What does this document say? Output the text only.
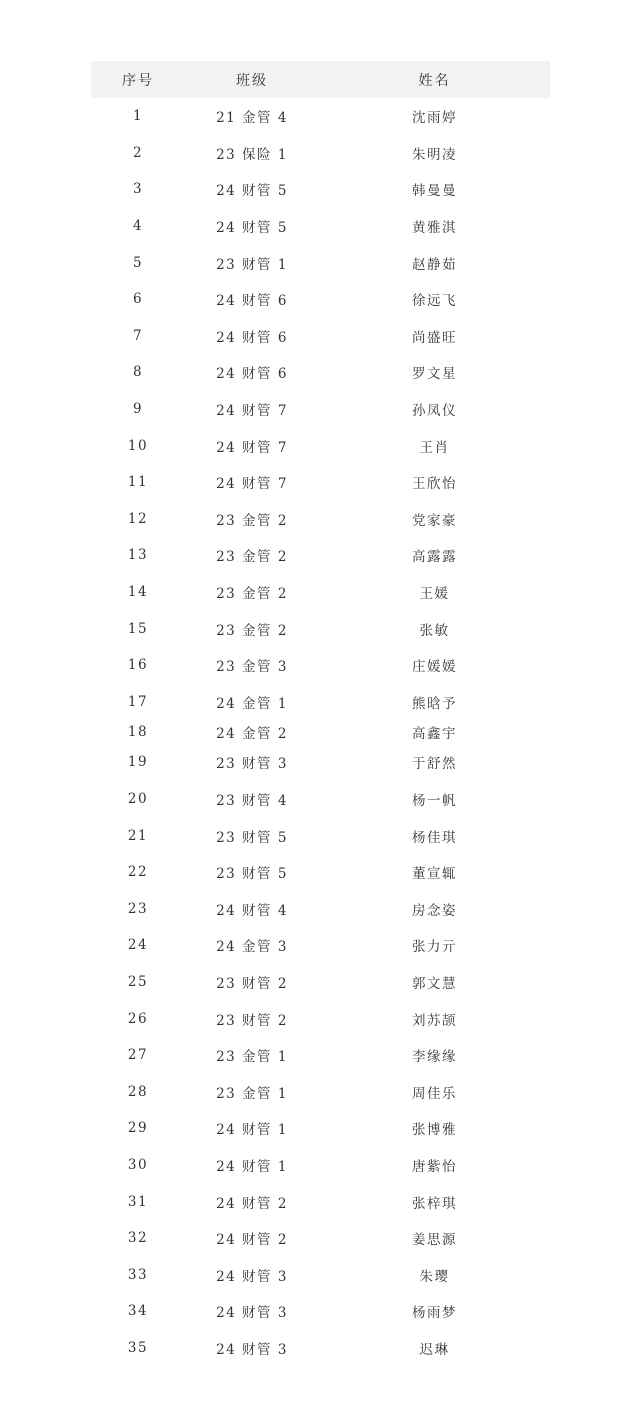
序号	班级	姓名
1	21 金管 4	沈雨婷
2	23 保险 1	朱明凌
3	24 财管 5	韩曼曼
4	24 财管 5	黄雅淇
5	23 财管 1	赵静茹
6	24 财管 6	徐远飞
7	24 财管 6	尚盛旺
8	24 财管 6	罗文星
9	24 财管 7	孙凤仪
10	24 财管 7	王肖
11	24 财管 7	王欣怡
12	23 金管 2	党家豪
13	23 金管 2	高露露
14	23 金管 2	王媛
15	23 金管 2	张敏
16	23 金管 3	庄媛媛
17	24 金管 1	熊晗予
18	24 金管 2	高鑫宇
19	23 财管 3	于舒然
20	23 财管 4	杨一帆
21	23 财管 5	杨佳琪
22	23 财管 5	董宣辄
23	24 财管 4	房念姿
24	24 金管 3	张力亓
25	23 财管 2	郭文慧
26	23 财管 2	刘苏颉
27	23 金管 1	李缘缘
28	23 金管 1	周佳乐
29	24 财管 1	张博雅
30	24 财管 1	唐紫怡
31	24 财管 2	张梓琪
32	24 财管 2	姜思源
33	24 财管 3	朱璎
34	24 财管 3	杨雨梦
35	24 财管 3	迟琳
